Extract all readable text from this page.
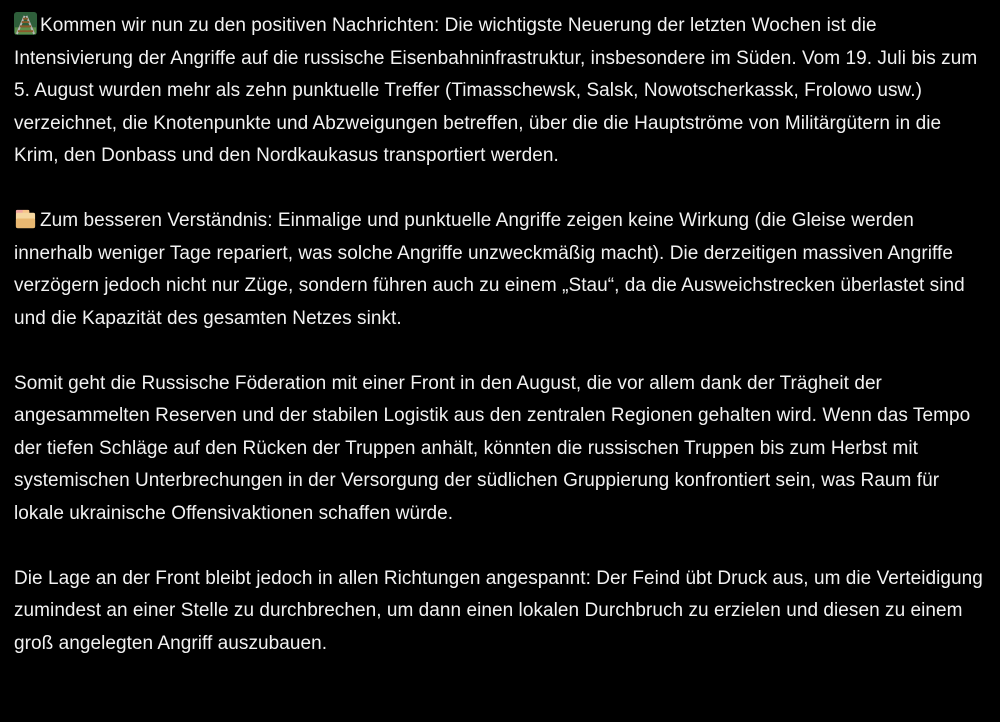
Kommen wir nun zu den positiven Nachrichten: Die wichtigste Neuerung der letzten Wochen ist die Intensivierung der Angriffe auf die russische Eisenbahninfrastruktur, insbesondere im Süden. Vom 19. Juli bis zum 5. August wurden mehr als zehn punktuelle Treffer (Timasschewsk, Salsk, Nowotscherkassk, Frolowo usw.) verzeichnet, die Knotenpunkte und Abzweigungen betreffen, über die die Hauptströme von Militärgütern in die Krim, den Donbass und den Nordkaukasus transportiert werden.

Zum besseren Verständnis: Einmalige und punktuelle Angriffe zeigen keine Wirkung (die Gleise werden innerhalb weniger Tage repariert, was solche Angriffe unzweckmäßig macht). Die derzeitigen massiven Angriffe verzögern jedoch nicht nur Züge, sondern führen auch zu einem „Stau“, da die Ausweichstrecken überlastet sind und die Kapazität des gesamten Netzes sinkt.

Somit geht die Russische Föderation mit einer Front in den August, die vor allem dank der Trägheit der angesammelten Reserven und der stabilen Logistik aus den zentralen Regionen gehalten wird. Wenn das Tempo der tiefen Schläge auf den Rücken der Truppen anhält, könnten die russischen Truppen bis zum Herbst mit systemischen Unterbrechungen in der Versorgung der südlichen Gruppierung konfrontiert sein, was Raum für lokale ukrainische Offensivaktionen schaffen würde.

Die Lage an der Front bleibt jedoch in allen Richtungen angespannt: Der Feind übt Druck aus, um die Verteidigung zumindest an einer Stelle zu durchbrechen, um dann einen lokalen Durchbruch zu erzielen und diesen zu einem groß angelegten Angriff auszubauen.
